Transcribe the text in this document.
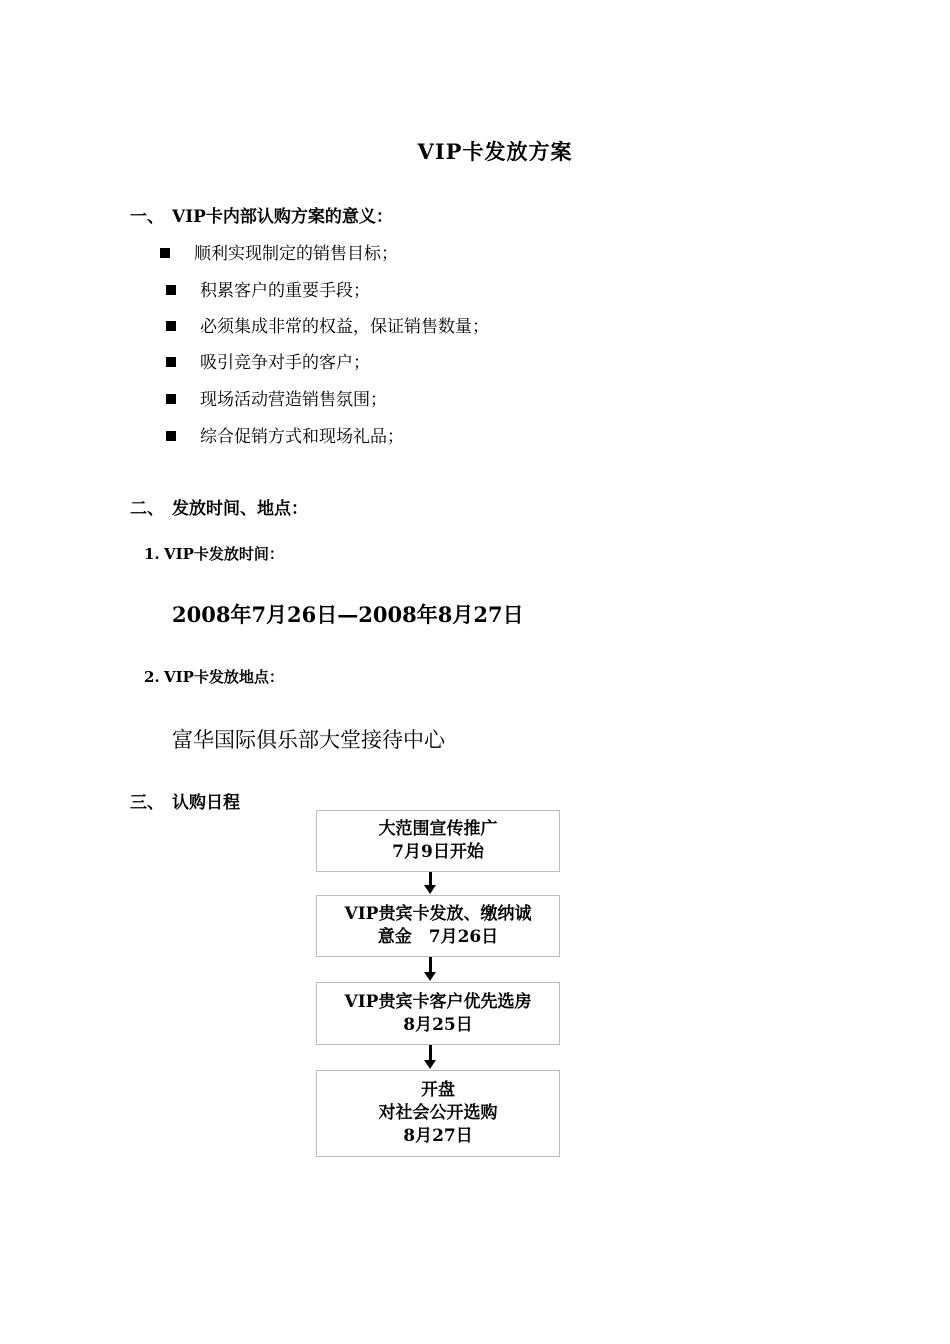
VIP卡发放方案
一、 VIP卡内部认购方案的意义：
顺利实现制定的销售目标；
积累客户的重要手段；
必须集成非常的权益，保证销售数量；
吸引竞争对手的客户；
现场活动营造销售氛围；
综合促销方式和现场礼品；
二、 发放时间、地点：
1. VIP卡发放时间：
2008年7月26日—2008年8月27日
2. VIP卡发放地点：
富华国际俱乐部大堂接待中心
三、 认购日程
大范围宣传推广
7月9日开始
VIP贵宾卡发放、缴纳诚
意金　7月26日
VIP贵宾卡客户优先选房
8月25日
开盘
对社会公开选购
8月27日
